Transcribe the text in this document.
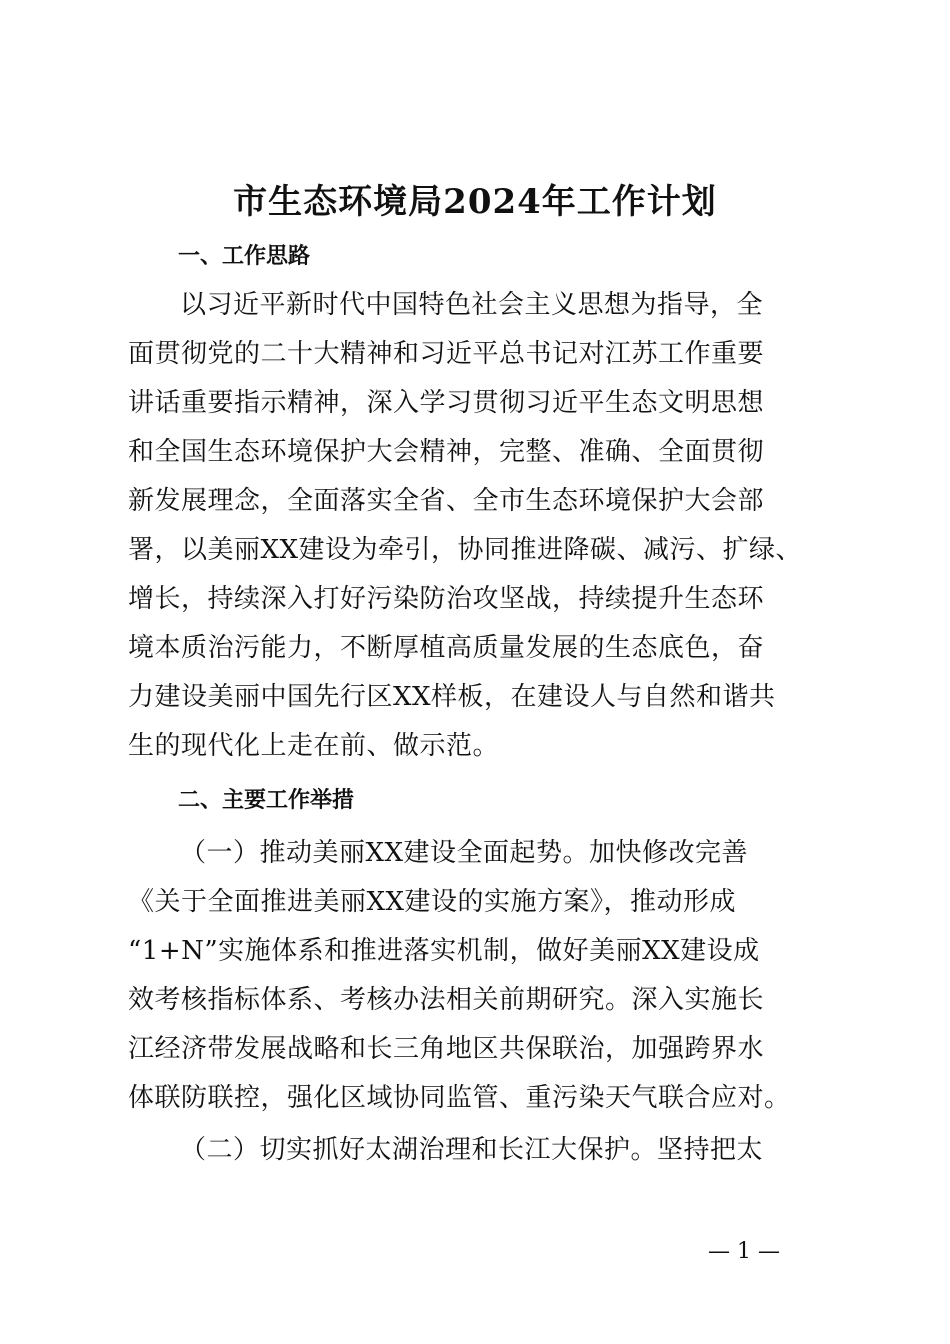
市生态环境局2024年工作计划
一、工作思路
以习近平新时代中国特色社会主义思想为指导，全
面贯彻党的二十大精神和习近平总书记对江苏工作重要
讲话重要指示精神，深入学习贯彻习近平生态文明思想
和全国生态环境保护大会精神，完整、准确、全面贯彻
新发展理念，全面落实全省、全市生态环境保护大会部
署，以美丽XX建设为牵引，协同推进降碳、减污、扩绿、
增长，持续深入打好污染防治攻坚战，持续提升生态环
境本质治污能力，不断厚植高质量发展的生态底色，奋
力建设美丽中国先行区XX样板，在建设人与自然和谐共
生的现代化上走在前、做示范。
二、主要工作举措
（一）推动美丽XX建设全面起势。加快修改完善
《关于全面推进美丽XX建设的实施方案》，推动形成
“1+N”实施体系和推进落实机制，做好美丽XX建设成
效考核指标体系、考核办法相关前期研究。深入实施长
江经济带发展战略和长三角地区共保联治，加强跨界水
体联防联控，强化区域协同监管、重污染天气联合应对。
（二）切实抓好太湖治理和长江大保护。坚持把太
— 1 —
